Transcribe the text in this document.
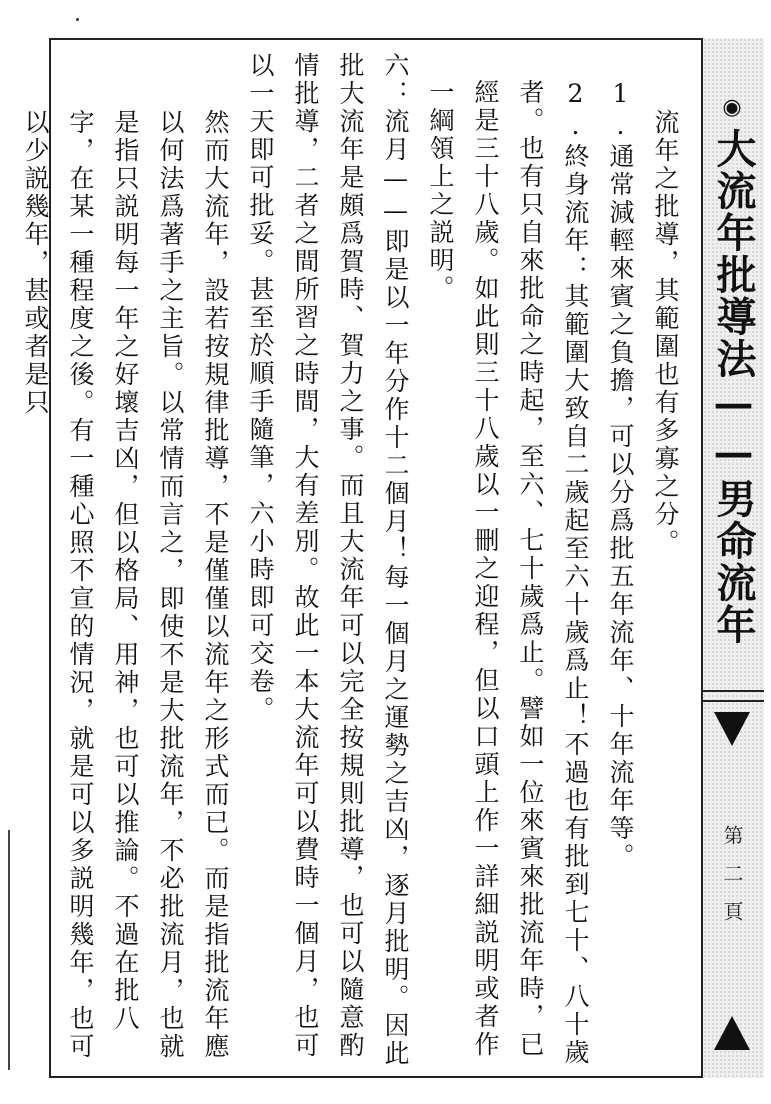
◉
大流年批導法——男命流年
第二頁

流年之批導，其範圍也有多寡之分。

1.通常減輕來賓之負擔，可以分爲批五年流年、十年流年等。

2.終身流年：其範圍大致自二歲起至六十歲爲止！不過也有批到七十、八十歲者。也有只自來批命之時起，至六、七十歲爲止。譬如一位來賓來批流年時，已經是三十八歲。如此則三十八歲以一刪之迎程，但以口頭上作一詳細説明或者作一綱領上之説明。

六：流月——即是以一年分作十二個月！每一個月之運勢之吉凶，逐月批明。因此批大流年是頗爲賀時、賀力之事。而且大流年可以完全按規則批導，也可以隨意酌情批導，二者之間所習之時間，大有差別。故此一本大流年可以費時一個月，也可以一天即可批妥。甚至於順手隨筆，六小時即可交卷。

然而大流年，設若按規律批導，不是僅僅以流年之形式而已。而是指批流年應以何法爲著手之主旨。以常情而言之，即使不是大批流年，不必批流月，也就是指只説明每一年之好壞吉凶，但以格局、用神，也可以推論。不過在批八字，在某一種程度之後。有一種心照不宣的情況，就是可以多説明幾年，也可以少説幾年，甚或者是只
